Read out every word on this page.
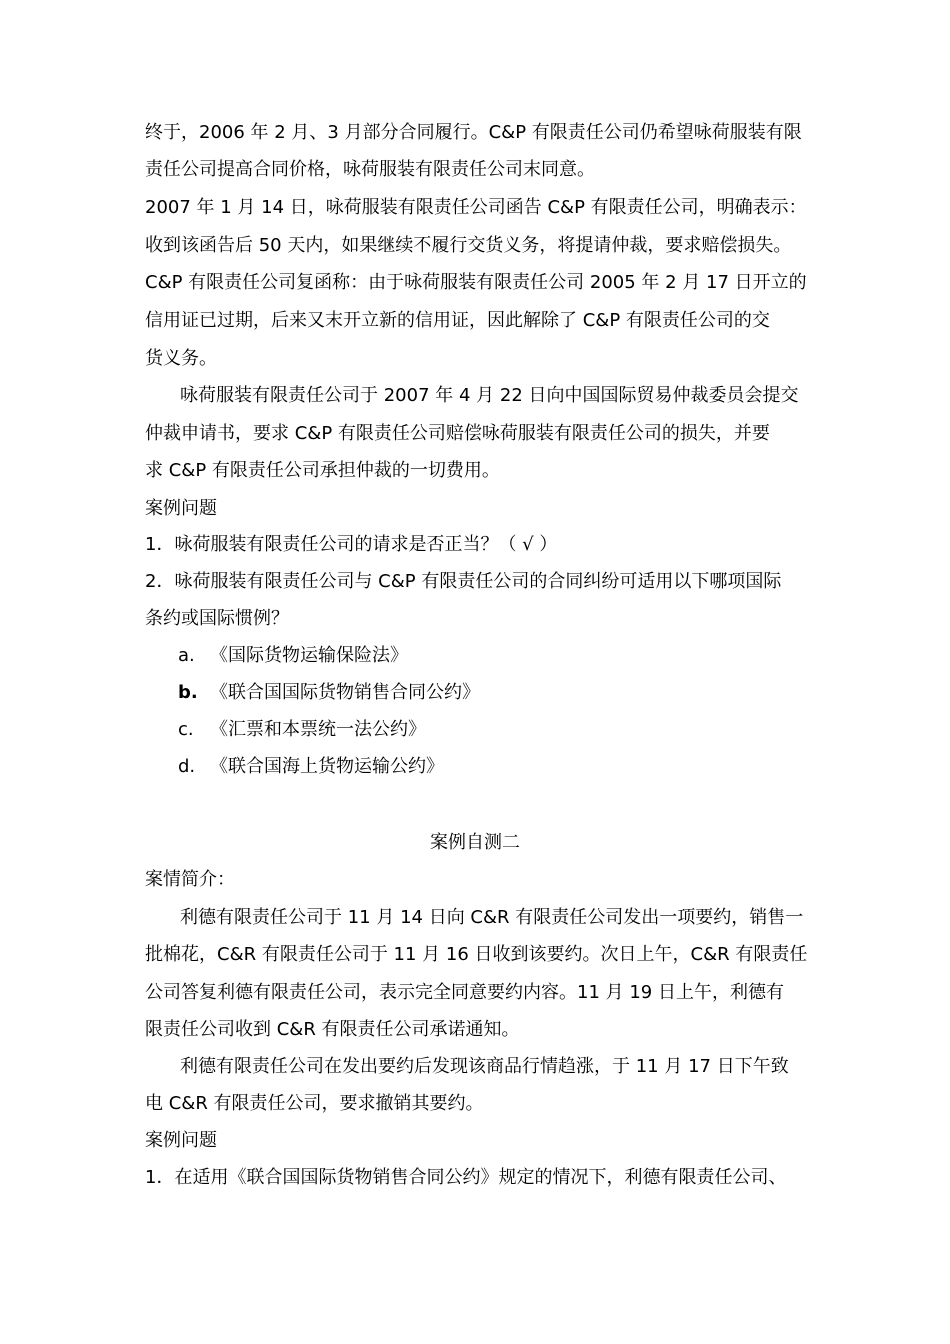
终于，2006 年 2 月、3 月部分合同履行。C&P 有限责任公司仍希望咏荷服装有限

责任公司提高合同价格，咏荷服装有限责任公司末同意。

2007 年 1 月 14 日，咏荷服装有限责任公司函告 C&P 有限责任公司，明确表示：

收到该函告后 50 天内，如果继续不履行交货义务，将提请仲裁，要求赔偿损失。

C&P 有限责任公司复函称：由于咏荷服装有限责任公司 2005 年 2 月 17 日开立的

信用证已过期，后来又末开立新的信用证，因此解除了 C&P 有限责任公司的交

货义务。

咏荷服装有限责任公司于 2007 年 4 月 22 日向中国国际贸易仲裁委员会提交

仲裁申请书，要求 C&P 有限责任公司赔偿咏荷服装有限责任公司的损失，并要

求 C&P 有限责任公司承担仲裁的一切费用。

案例问题

1．咏荷服装有限责任公司的请求是否正当？（ √ ）

2．咏荷服装有限责任公司与 C&P 有限责任公司的合同纠纷可适用以下哪项国际

条约或国际惯例？

a. 《国际货物运输保险法》

b. 《联合国国际货物销售合同公约》

c. 《汇票和本票统一法公约》

d. 《联合国海上货物运输公约》

案例自测二

案情简介：

利德有限责任公司于 11 月 14 日向 C&R 有限责任公司发出一项要约，销售一

批棉花，C&R 有限责任公司于 11 月 16 日收到该要约。次日上午，C&R 有限责任

公司答复利德有限责任公司，表示完全同意要约内容。11 月 19 日上午，利德有

限责任公司收到 C&R 有限责任公司承诺通知。

利德有限责任公司在发出要约后发现该商品行情趋涨，于 11 月 17 日下午致

电 C&R 有限责任公司，要求撤销其要约。

案例问题

1．在适用《联合国国际货物销售合同公约》规定的情况下，利德有限责任公司、
